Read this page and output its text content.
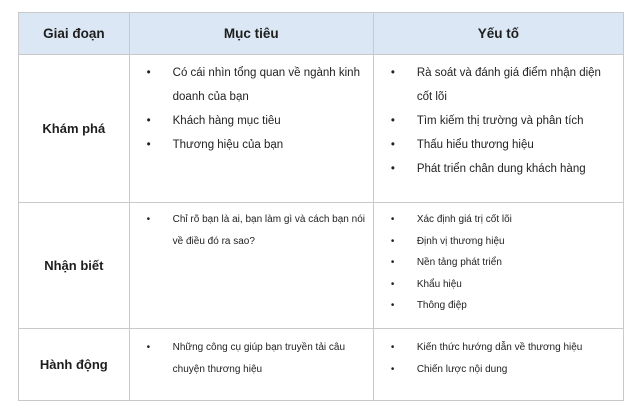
Giai đoạn	Mục tiêu	Yếu tố
Khám phá
• Có cái nhìn tổng quan về ngành kinh doanh của bạn
• Khách hàng mục tiêu
• Thương hiệu của bạn
• Rà soát và đánh giá điểm nhận diện cốt lõi
• Tìm kiếm thị trường và phân tích
• Thấu hiểu thương hiệu
• Phát triển chân dung khách hàng
Nhận biết
• Chỉ rõ bạn là ai, bạn làm gì và cách bạn nói về điều đó ra sao?
• Xác định giá trị cốt lõi
• Định vị thương hiệu
• Nền tảng phát triển
• Khẩu hiệu
• Thông điệp
Hành động
• Những công cụ giúp bạn truyền tải câu chuyện thương hiệu
• Kiến thức hướng dẫn về thương hiệu
• Chiến lược nội dung
